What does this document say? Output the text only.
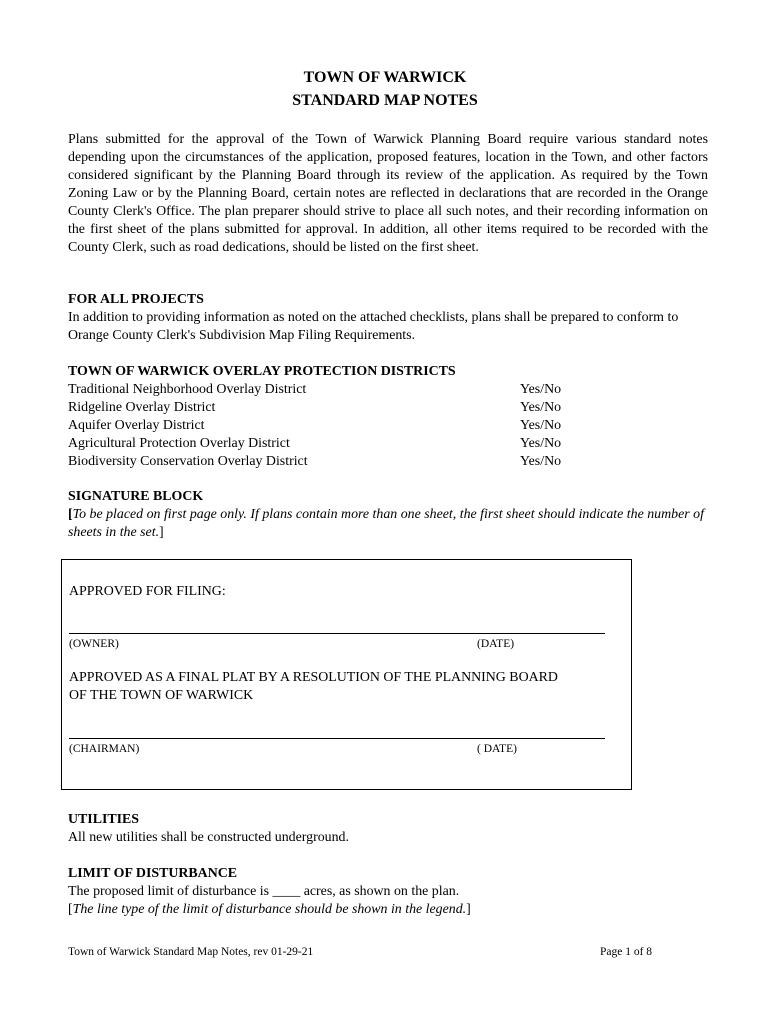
TOWN OF WARWICK
STANDARD MAP NOTES
Plans submitted for the approval of the Town of Warwick Planning Board require various standard notes depending upon the circumstances of the application, proposed features, location in the Town, and other factors considered significant by the Planning Board through its review of the application. As required by the Town Zoning Law or by the Planning Board, certain notes are reflected in declarations that are recorded in the Orange County Clerk's Office. The plan preparer should strive to place all such notes, and their recording information on the first sheet of the plans submitted for approval. In addition, all other items required to be recorded with the County Clerk, such as road dedications, should be listed on the first sheet.
FOR ALL PROJECTS
In addition to providing information as noted on the attached checklists, plans shall be prepared to conform to Orange County Clerk's Subdivision Map Filing Requirements.
TOWN OF WARWICK OVERLAY PROTECTION DISTRICTS
Traditional Neighborhood Overlay District	Yes/No
Ridgeline Overlay District	Yes/No
Aquifer Overlay District	Yes/No
Agricultural Protection Overlay District	Yes/No
Biodiversity Conservation Overlay District	Yes/No
SIGNATURE BLOCK
[To be placed on first page only. If plans contain more than one sheet, the first sheet should indicate the number of sheets in the set.]
APPROVED FOR FILING:
(OWNER)	(DATE)
APPROVED AS A FINAL PLAT BY A RESOLUTION OF THE PLANNING BOARD
OF THE TOWN OF WARWICK
(CHAIRMAN)	( DATE)
UTILITIES
All new utilities shall be constructed underground.
LIMIT OF DISTURBANCE
The proposed limit of disturbance is ____ acres, as shown on the plan.
[The line type of the limit of disturbance should be shown in the legend.]
Town of Warwick Standard Map Notes, rev 01-29-21	Page 1 of 8
